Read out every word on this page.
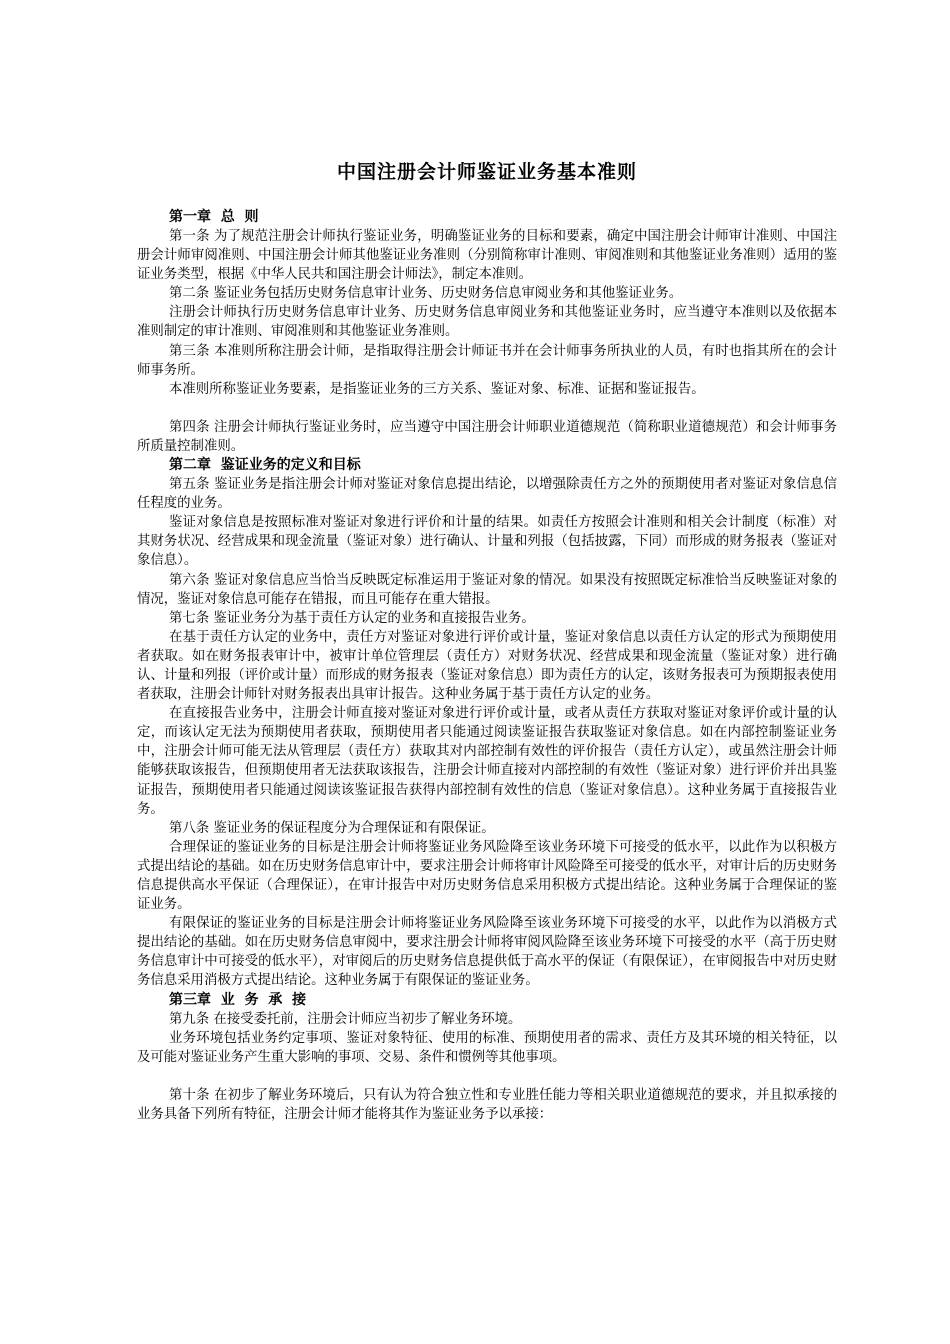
中国注册会计师鉴证业务基本准则
第一章  总  则

第一条 为了规范注册会计师执行鉴证业务，明确鉴证业务的目标和要素，确定中国注册会计师审计准则、中国注册会计师审阅准则、中国注册会计师其他鉴证业务准则（分别简称审计准则、审阅准则和其他鉴证业务准则）适用的鉴证业务类型，根据《中华人民共和国注册会计师法》，制定本准则。

第二条 鉴证业务包括历史财务信息审计业务、历史财务信息审阅业务和其他鉴证业务。

注册会计师执行历史财务信息审计业务、历史财务信息审阅业务和其他鉴证业务时，应当遵守本准则以及依据本准则制定的审计准则、审阅准则和其他鉴证业务准则。

第三条 本准则所称注册会计师，是指取得注册会计师证书并在会计师事务所执业的人员，有时也指其所在的会计师事务所。

本准则所称鉴证业务要素，是指鉴证业务的三方关系、鉴证对象、标准、证据和鉴证报告。

第四条 注册会计师执行鉴证业务时，应当遵守中国注册会计师职业道德规范（简称职业道德规范）和会计师事务所质量控制准则。

第二章  鉴证业务的定义和目标

第五条 鉴证业务是指注册会计师对鉴证对象信息提出结论，以增强除责任方之外的预期使用者对鉴证对象信息信任程度的业务。

鉴证对象信息是按照标准对鉴证对象进行评价和计量的结果。如责任方按照会计准则和相关会计制度（标准）对其财务状况、经营成果和现金流量（鉴证对象）进行确认、计量和列报（包括披露，下同）而形成的财务报表（鉴证对象信息）。

第六条 鉴证对象信息应当恰当反映既定标准运用于鉴证对象的情况。如果没有按照既定标准恰当反映鉴证对象的情况，鉴证对象信息可能存在错报，而且可能存在重大错报。

第七条 鉴证业务分为基于责任方认定的业务和直接报告业务。

在基于责任方认定的业务中，责任方对鉴证对象进行评价或计量，鉴证对象信息以责任方认定的形式为预期使用者获取。如在财务报表审计中，被审计单位管理层（责任方）对财务状况、经营成果和现金流量（鉴证对象）进行确认、计量和列报（评价或计量）而形成的财务报表（鉴证对象信息）即为责任方的认定，该财务报表可为预期报表使用者获取，注册会计师针对财务报表出具审计报告。这种业务属于基于责任方认定的业务。

在直接报告业务中，注册会计师直接对鉴证对象进行评价或计量，或者从责任方获取对鉴证对象评价或计量的认定，而该认定无法为预期使用者获取，预期使用者只能通过阅读鉴证报告获取鉴证对象信息。如在内部控制鉴证业务中，注册会计师可能无法从管理层（责任方）获取其对内部控制有效性的评价报告（责任方认定），或虽然注册会计师能够获取该报告，但预期使用者无法获取该报告，注册会计师直接对内部控制的有效性（鉴证对象）进行评价并出具鉴证报告，预期使用者只能通过阅读该鉴证报告获得内部控制有效性的信息（鉴证对象信息）。这种业务属于直接报告业务。

第八条 鉴证业务的保证程度分为合理保证和有限保证。

合理保证的鉴证业务的目标是注册会计师将鉴证业务风险降至该业务环境下可接受的低水平，以此作为以积极方式提出结论的基础。如在历史财务信息审计中，要求注册会计师将审计风险降至可接受的低水平，对审计后的历史财务信息提供高水平保证（合理保证），在审计报告中对历史财务信息采用积极方式提出结论。这种业务属于合理保证的鉴证业务。

有限保证的鉴证业务的目标是注册会计师将鉴证业务风险降至该业务环境下可接受的水平，以此作为以消极方式提出结论的基础。如在历史财务信息审阅中，要求注册会计师将审阅风险降至该业务环境下可接受的水平（高于历史财务信息审计中可接受的低水平），对审阅后的历史财务信息提供低于高水平的保证（有限保证），在审阅报告中对历史财务信息采用消极方式提出结论。这种业务属于有限保证的鉴证业务。

第三章  业  务  承  接

第九条 在接受委托前，注册会计师应当初步了解业务环境。

业务环境包括业务约定事项、鉴证对象特征、使用的标准、预期使用者的需求、责任方及其环境的相关特征，以及可能对鉴证业务产生重大影响的事项、交易、条件和惯例等其他事项。

第十条 在初步了解业务环境后，只有认为符合独立性和专业胜任能力等相关职业道德规范的要求，并且拟承接的业务具备下列所有特征，注册会计师才能将其作为鉴证业务予以承接：
